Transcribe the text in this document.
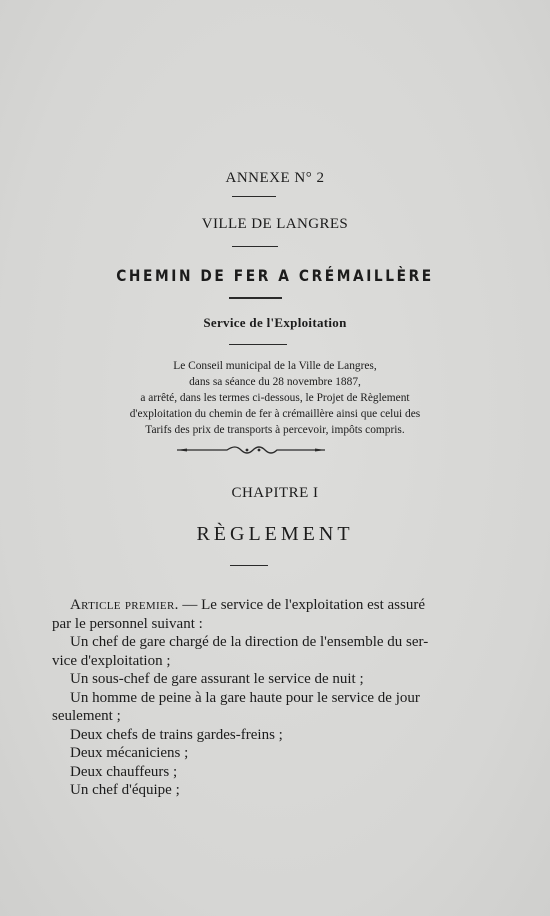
ANNEXE N° 2
VILLE DE LANGRES
CHEMIN DE FER A CRÉMAILLÈRE
Service de l'Exploitation
Le Conseil municipal de la Ville de Langres,
dans sa séance du 28 novembre 1887,
a arrêté, dans les termes ci-dessous, le Projet de Règlement
d'exploitation du chemin de fer à crémaillère ainsi que celui des
Tarifs des prix de transports à percevoir, impôts compris.
CHAPITRE I
RÈGLEMENT
Article premier. — Le service de l'exploitation est assuré
par le personnel suivant :
Un chef de gare chargé de la direction de l'ensemble du ser-
vice d'exploitation ;
Un sous-chef de gare assurant le service de nuit ;
Un homme de peine à la gare haute pour le service de jour
seulement ;
Deux chefs de trains gardes-freins ;
Deux mécaniciens ;
Deux chauffeurs ;
Un chef d'équipe ;
